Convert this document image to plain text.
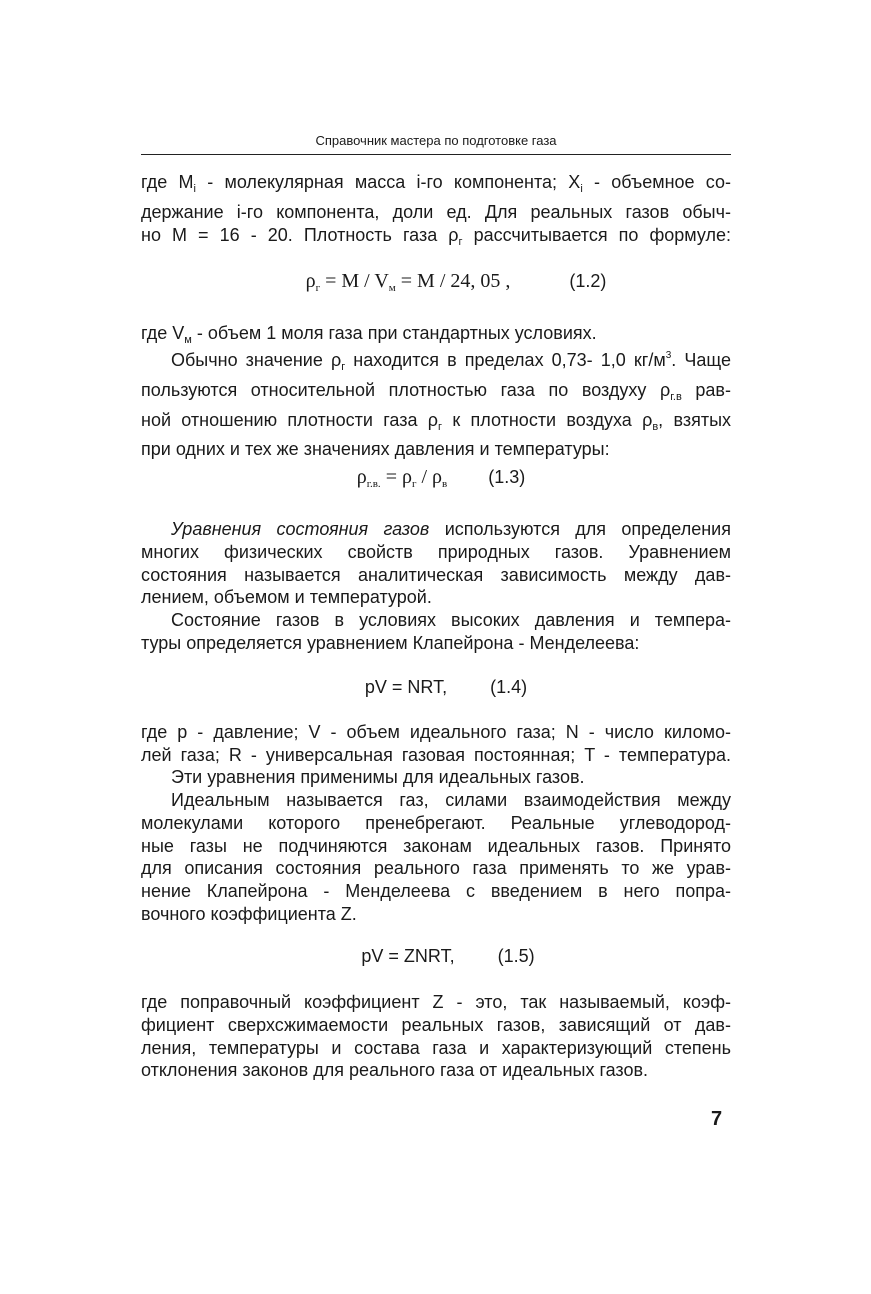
Справочник мастера по подготовке газа
где $M_i$ - молекулярная масса i-го компонента; $X_i$ - объемное со-
держание i-го компонента, доли ед. Для реальных газов обыч-
но М = 16 - 20. Плотность газа $\rho_г$ рассчитывается по формуле:
$\rho_г = M / V_м = M / 24$, 05 ,	(1.2)
где $V_м$ - объем 1 моля газа при стандартных условиях.
Обычно значение $\rho_г$ находится в пределах 0,73- 1,0 $кг/м^3$. Чаще
пользуются относительной плотностью газа по воздуху $\rho_{г.в}$ рав-
ной отношению плотности газа $\rho_г$ к плотности воздуха $\rho_в$, взятых
при одних и тех же значениях давления и температуры:
$\rho_{г.в.} = \rho_г / \rho_в$ (1.3)
Уравнения состояния газов используются для определения
многих физических свойств природных газов. Уравнением
состояния называется аналитическая зависимость между дав-
лением, объемом и температурой.
Состояние газов в условиях высоких давления и темпера-
туры определяется уравнением Клапейрона - Менделеева:
pV = NRT, (1.4)
где p - давление; V - объем идеального газа; N - число киломо-
лей газа; R - универсальная газовая постоянная; T - температура.
Эти уравнения применимы для идеальных газов.
Идеальным называется газ, силами взаимодействия между
молекулами которого пренебрегают. Реальные углеводород-
ные газы не подчиняются законам идеальных газов. Принято
для описания состояния реального газа применять то же урав-
нение Клапейрона - Менделеева с введением в него попра-
вочного коэффициента Z.
pV = ZNRT, (1.5)
где поправочный коэффициент Z - это, так называемый, коэф-
фициент сверхсжимаемости реальных газов, зависящий от дав-
ления, температуры и состава газа и характеризующий степень
отклонения законов для реального газа от идеальных газов.
7
